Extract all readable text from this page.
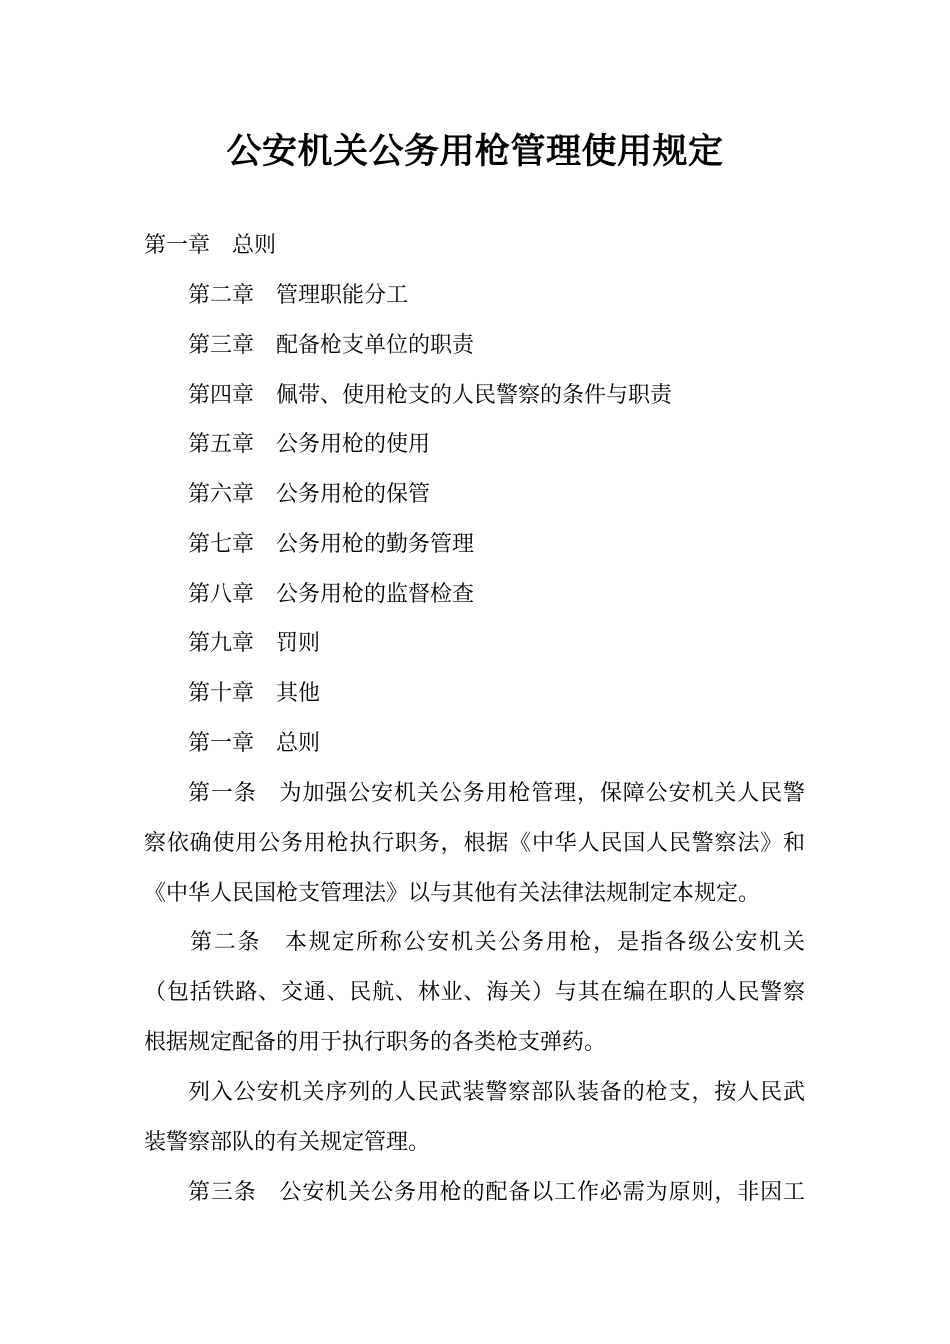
公安机关公务用枪管理使用规定
第一章　总则
第二章　管理职能分工
第三章　配备枪支单位的职责
第四章　佩带、使用枪支的人民警察的条件与职责
第五章　公务用枪的使用
第六章　公务用枪的保管
第七章　公务用枪的勤务管理
第八章　公务用枪的监督检查
第九章　罚则
第十章　其他
第一章　总则
第一条　为加强公安机关公务用枪管理，保障公安机关人民警
察依确使用公务用枪执行职务，根据《中华人民国人民警察法》和
《中华人民国枪支管理法》以与其他有关法律法规制定本规定。
第二条　本规定所称公安机关公务用枪，是指各级公安机关
（包括铁路、交通、民航、林业、海关）与其在编在职的人民警察
根据规定配备的用于执行职务的各类枪支弹药。
列入公安机关序列的人民武装警察部队装备的枪支，按人民武
装警察部队的有关规定管理。
第三条　公安机关公务用枪的配备以工作必需为原则，非因工
